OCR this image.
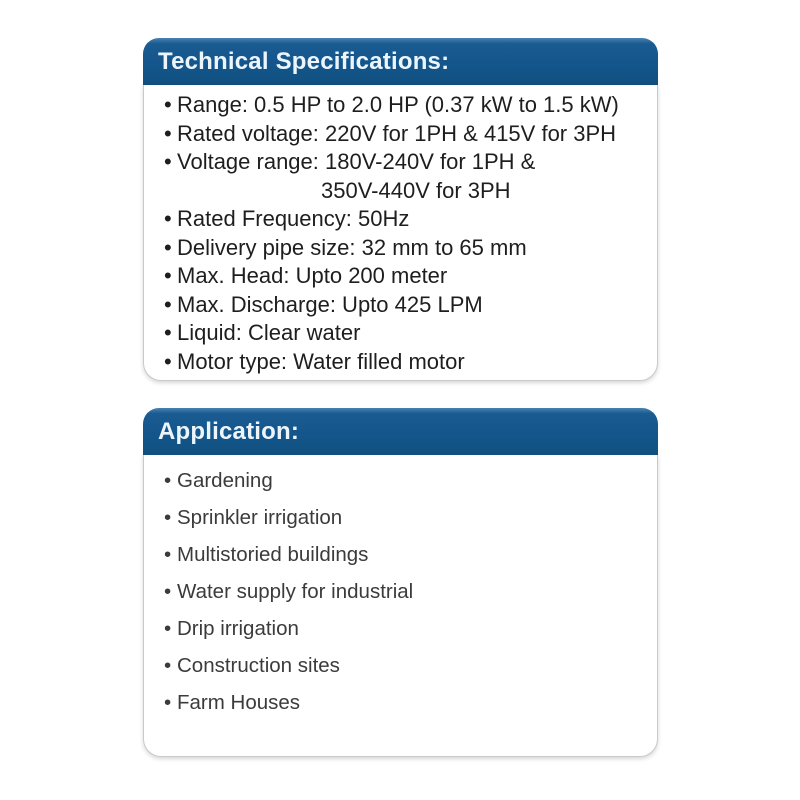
Technical Specifications:
• Range: 0.5 HP to 2.0 HP (0.37 kW to 1.5 kW)
• Rated voltage: 220V for 1PH & 415V for 3PH
• Voltage range: 180V-240V for 1PH &
350V-440V for 3PH
• Rated Frequency: 50Hz
• Delivery pipe size: 32 mm to 65 mm
• Max. Head: Upto 200 meter
• Max. Discharge: Upto 425 LPM
• Liquid: Clear water
• Motor type: Water filled motor
Application:
• Gardening
• Sprinkler irrigation
• Multistoried buildings
• Water supply for industrial
• Drip irrigation
• Construction sites
• Farm Houses
